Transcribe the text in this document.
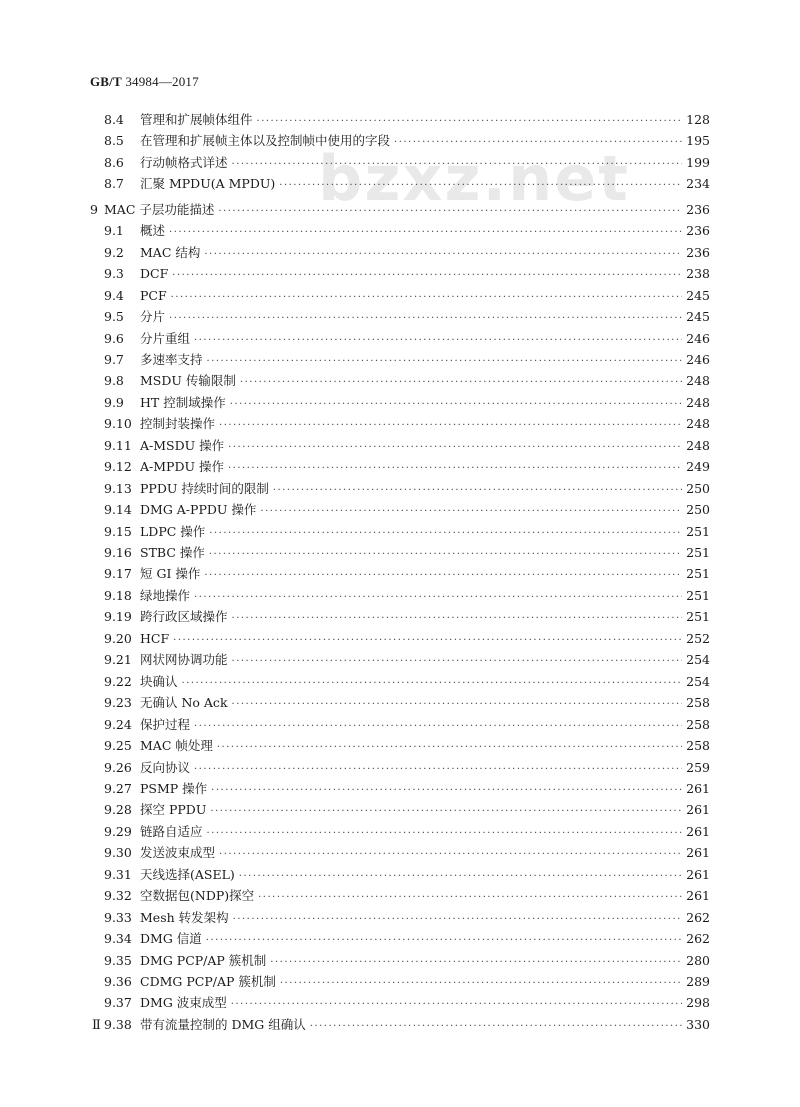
GB/T 34984—2017
bzxz.net
8.4 管理和扩展帧体组件 ·····	128
8.5 在管理和扩展帧主体以及控制帧中使用的字段 ·····	195
8.6 行动帧格式详述 ·····	199
8.7 汇聚 MPDU(A MPDU) ·····	234
9 MAC 子层功能描述 ·····	236
9.1 概述 ·····	236
9.2 MAC 结构 ·····	236
9.3 DCF ·····	238
9.4 PCF ·····	245
9.5 分片 ·····	245
9.6 分片重组 ·····	246
9.7 多速率支持 ·····	246
9.8 MSDU 传输限制 ·····	248
9.9 HT 控制域操作 ·····	248
9.10 控制封装操作 ·····	248
9.11 A-MSDU 操作 ·····	248
9.12 A-MPDU 操作 ·····	249
9.13 PPDU 持续时间的限制 ·····	250
9.14 DMG A-PPDU 操作 ·····	250
9.15 LDPC 操作 ·····	251
9.16 STBC 操作 ·····	251
9.17 短 GI 操作 ·····	251
9.18 绿地操作 ·····	251
9.19 跨行政区域操作 ·····	251
9.20 HCF ·····	252
9.21 网状网协调功能 ·····	254
9.22 块确认 ·····	254
9.23 无确认 No Ack ·····	258
9.24 保护过程 ·····	258
9.25 MAC 帧处理 ·····	258
9.26 反向协议 ·····	259
9.27 PSMP 操作 ·····	261
9.28 探空 PPDU ·····	261
9.29 链路自适应 ·····	261
9.30 发送波束成型 ·····	261
9.31 天线选择(ASEL) ·····	261
9.32 空数据包(NDP)探空 ·····	261
9.33 Mesh 转发架构 ·····	262
9.34 DMG 信道 ·····	262
9.35 DMG PCP/AP 簇机制 ·····	280
9.36 CDMG PCP/AP 簇机制 ·····	289
9.37 DMG 波束成型 ·····	298
9.38 带有流量控制的 DMG 组确认 ·····	330
Ⅱ
